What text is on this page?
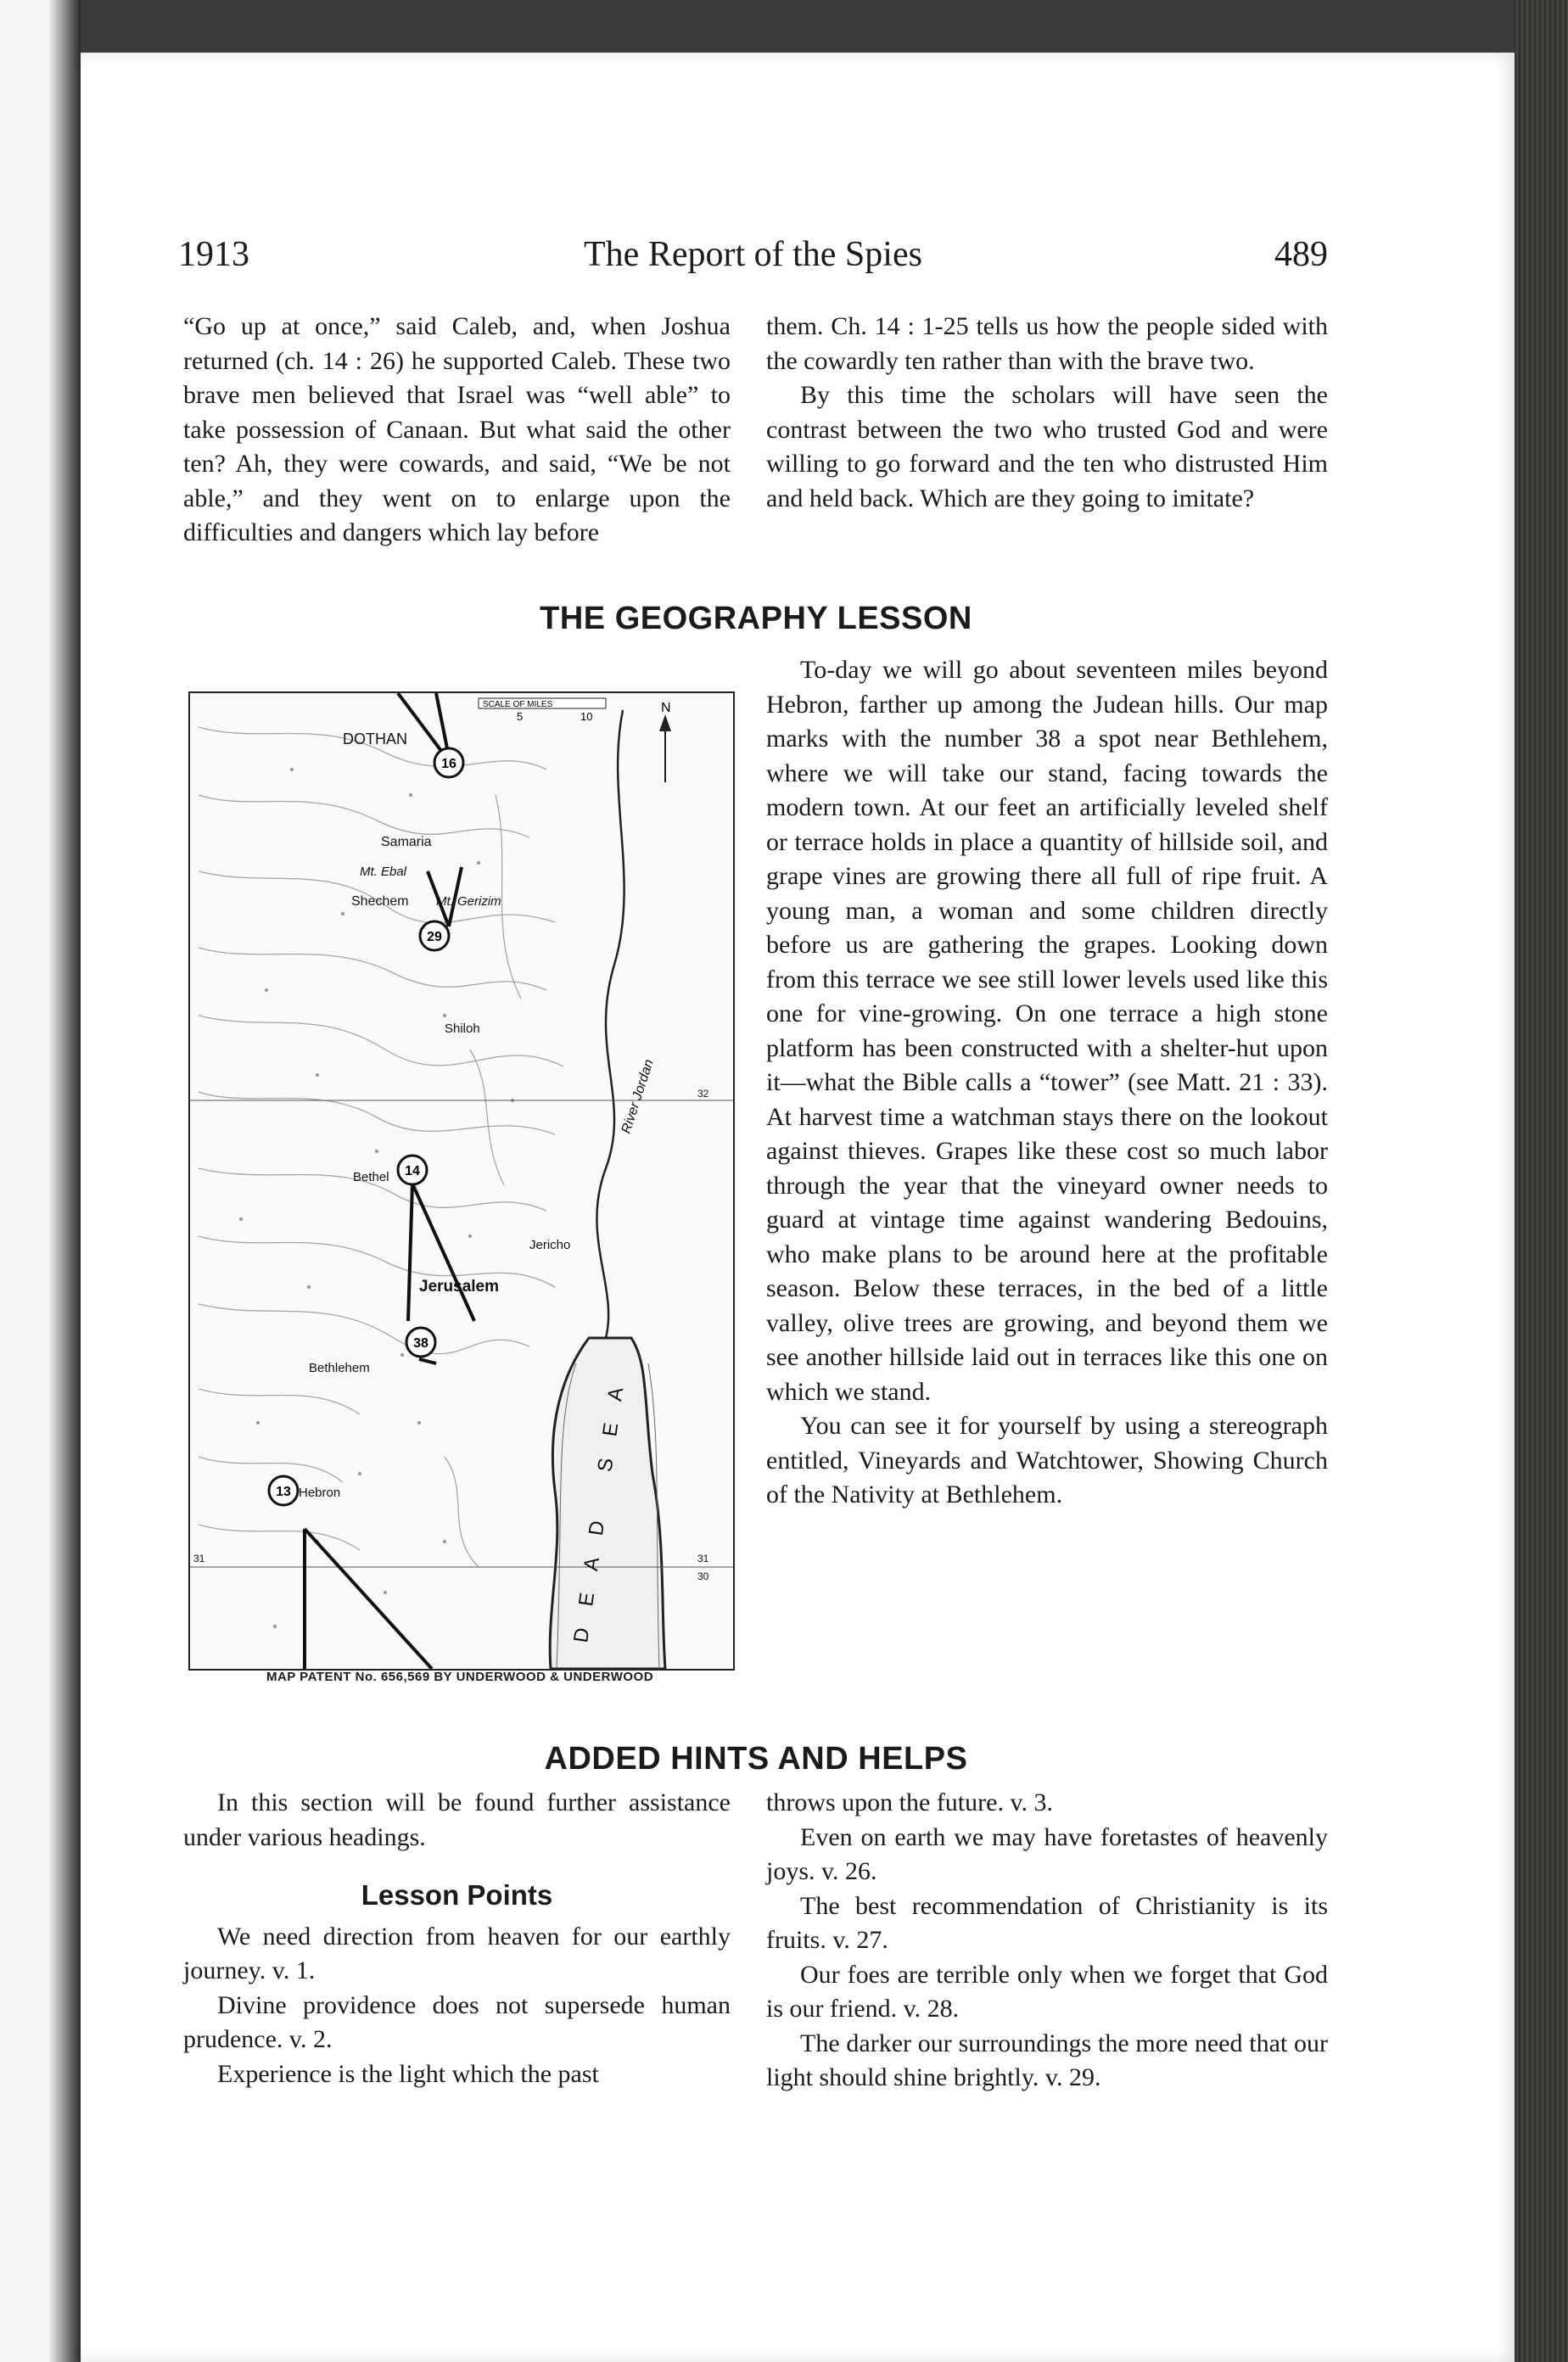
1913	The Report of the Spies	489

“Go up at once,” said Caleb, and, when Joshua returned (ch. 14 : 26) he supported Caleb. These two brave men believed that Israel was “well able” to take possession of Canaan. But what said the other ten? Ah, they were cowards, and said, “We be not able,” and they went on to enlarge upon the difficulties and dangers which lay before

them. Ch. 14 : 1-25 tells us how the people sided with the cowardly ten rather than with the brave two.

By this time the scholars will have seen the contrast between the two who trusted God and were willing to go forward and the ten who distrusted Him and held back. Which are they going to imitate?

THE GEOGRAPHY LESSON
N
SCALE OF MILES
5	10
DOTHAN
Samaria
Mt. Ebal
Shechem Mt. Gerizim
Shiloh
Bethel
Jericho
Jerusalem
Bethlehem
Hebron
River Jordan
DEAD SEA
32
31
31
30
16
29
14
38
13
MAP PATENT No. 656,569 BY UNDERWOOD & UNDERWOOD

To-day we will go about seventeen miles beyond Hebron, farther up among the Judean hills. Our map marks with the number 38 a spot near Bethlehem, where we will take our stand, facing towards the modern town. At our feet an artificially leveled shelf or terrace holds in place a quantity of hillside soil, and grape vines are growing there all full of ripe fruit. A young man, a woman and some children directly before us are gathering the grapes. Looking down from this terrace we see still lower levels used like this one for vine-growing. On one terrace a high stone platform has been constructed with a shelter-hut upon it—what the Bible calls a “tower” (see Matt. 21 : 33). At harvest time a watchman stays there on the lookout against thieves. Grapes like these cost so much labor through the year that the vineyard owner needs to guard at vintage time against wandering Bedouins, who make plans to be around here at the profitable season. Below these terraces, in the bed of a little valley, olive trees are growing, and beyond them we see another hillside laid out in terraces like this one on which we stand.

You can see it for yourself by using a stereograph entitled, Vineyards and Watchtower, Showing Church of the Nativity at Bethlehem.

ADDED HINTS AND HELPS

In this section will be found further assistance under various headings.

Lesson Points

We need direction from heaven for our earthly journey. v. 1.

Divine providence does not supersede human prudence. v. 2.

Experience is the light which the past

throws upon the future. v. 3.

Even on earth we may have foretastes of heavenly joys. v. 26.

The best recommendation of Christianity is its fruits. v. 27.

Our foes are terrible only when we forget that God is our friend. v. 28.

The darker our surroundings the more need that our light should shine brightly. v. 29.
